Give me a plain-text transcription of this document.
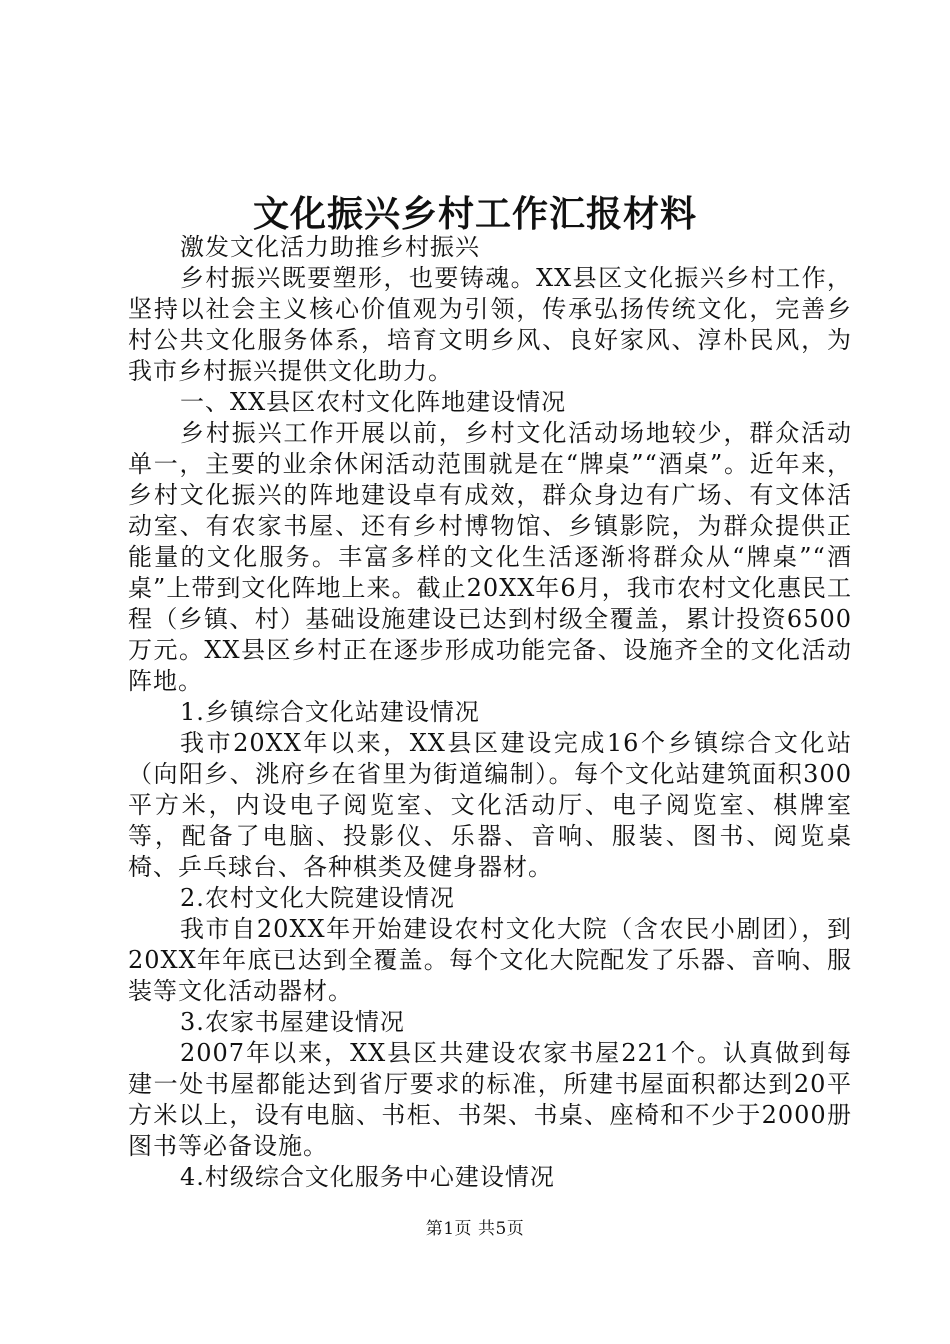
文化振兴乡村工作汇报材料

激发文化活力助推乡村振兴

乡村振兴既要塑形，也要铸魂。XX县区文化振兴乡村工作，坚持以社会主义核心价值观为引领，传承弘扬传统文化，完善乡村公共文化服务体系，培育文明乡风、良好家风、淳朴民风，为我市乡村振兴提供文化助力。

一、XX县区农村文化阵地建设情况

乡村振兴工作开展以前，乡村文化活动场地较少，群众活动单一，主要的业余休闲活动范围就是在“牌桌”“酒桌”。近年来，乡村文化振兴的阵地建设卓有成效，群众身边有广场、有文体活动室、有农家书屋、还有乡村博物馆、乡镇影院，为群众提供正能量的文化服务。丰富多样的文化生活逐渐将群众从“牌桌”“酒桌”上带到文化阵地上来。截止20XX年6月，我市农村文化惠民工程（乡镇、村）基础设施建设已达到村级全覆盖，累计投资6500万元。XX县区乡村正在逐步形成功能完备、设施齐全的文化活动阵地。

1.乡镇综合文化站建设情况

我市20XX年以来，XX县区建设完成16个乡镇综合文化站（向阳乡、洮府乡在省里为街道编制）。每个文化站建筑面积300平方米，内设电子阅览室、文化活动厅、电子阅览室、棋牌室等，配备了电脑、投影仪、乐器、音响、服装、图书、阅览桌椅、乒乓球台、各种棋类及健身器材。

2.农村文化大院建设情况

我市自20XX年开始建设农村文化大院（含农民小剧团），到20XX年年底已达到全覆盖。每个文化大院配发了乐器、音响、服装等文化活动器材。

3.农家书屋建设情况

2007年以来，XX县区共建设农家书屋221个。认真做到每建一处书屋都能达到省厅要求的标准，所建书屋面积都达到20平方米以上，设有电脑、书柜、书架、书桌、座椅和不少于2000册图书等必备设施。

4.村级综合文化服务中心建设情况

第1页 共5页
